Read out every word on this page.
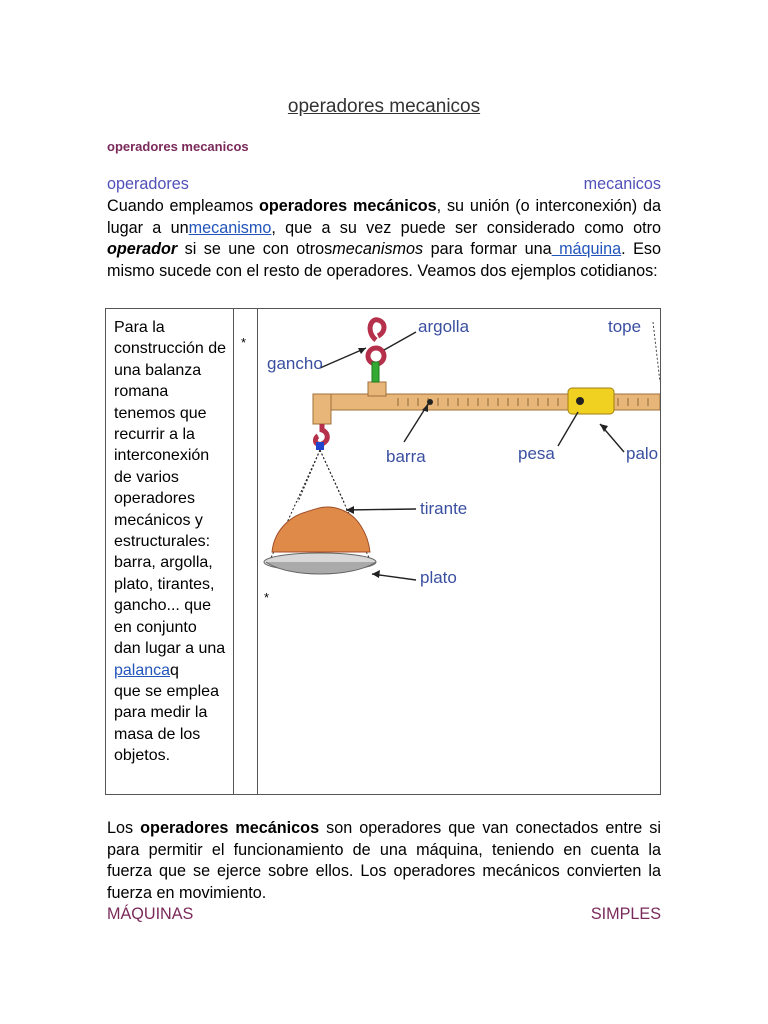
operadores mecanicos
operadores mecanicos
operadores	mecanicos
Cuando empleamos operadores mecánicos, su unión (o interconexión) da lugar a unmecanismo, que a su vez puede ser considerado como otro operador si se une con otrosmecanismos para formar una máquina. Eso mismo sucede con el resto de operadores. Veamos dos ejemplos cotidianos:
Para la construcción de una balanza romana tenemos que recurrir a la interconexión de varios operadores mecánicos y estructurales: barra, argolla, plato, tirantes, gancho... que en conjunto dan lugar a una palancaq
que se emplea para medir la masa de los objetos.
*
*
argolla	tope
gancho
barra	pesa	palo
tirante
plato
Los operadores mecánicos son operadores que van conectados entre si para permitir el funcionamiento de una máquina, teniendo en cuenta la fuerza que se ejerce sobre ellos. Los operadores mecánicos convierten la fuerza en movimiento.
MÁQUINAS	SIMPLES
